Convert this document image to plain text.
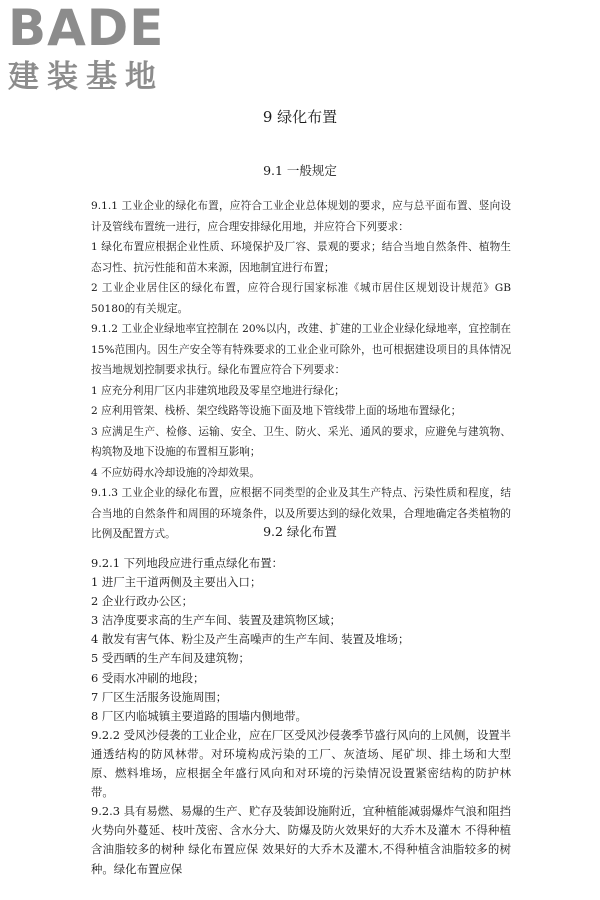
BADE
建装基地
9 绿化布置
9.1 一般规定

9.1.1 工业企业的绿化布置，应符合工业企业总体规划的要求，应与总平面布置、竖向设计及管线布置统一进行，应合理安排绿化用地，并应符合下列要求：

1 绿化布置应根据企业性质、环境保护及厂容、景观的要求；结合当地自然条件、植物生态习性、抗污性能和苗木来源，因地制宜进行布置；

2 工业企业居住区的绿化布置，应符合现行国家标准《城市居住区规划设计规范》GB 50180的有关规定。

9.1.2 工业企业绿地率宜控制在 20%以内，改建、扩建的工业企业绿化绿地率，宜控制在 15%范围内。因生产安全等有特殊要求的工业企业可除外，也可根据建设项目的具体情况按当地规划控制要求执行。绿化布置应符合下列要求：

1 应充分利用厂区内非建筑地段及零星空地进行绿化；

2 应利用管架、栈桥、架空线路等设施下面及地下管线带上面的场地布置绿化；

3 应满足生产、检修、运输、安全、卫生、防火、采光、通风的要求，应避免与建筑物、构筑物及地下设施的布置相互影响；

4 不应妨碍水冷却设施的冷却效果。

9.1.3 工业企业的绿化布置，应根据不同类型的企业及其生产特点、污染性质和程度，结合当地的自然条件和周围的环境条件，以及所要达到的绿化效果，合理地确定各类植物的比例及配置方式。	9.2 绿化布置

9.2.1 下列地段应进行重点绿化布置：

1 进厂主干道两侧及主要出入口；

2 企业行政办公区；

3 洁净度要求高的生产车间、装置及建筑物区域；

4 散发有害气体、粉尘及产生高噪声的生产车间、装置及堆场；

5 受西晒的生产车间及建筑物；

6 受雨水冲刷的地段；

7 厂区生活服务设施周围；

8 厂区内临城镇主要道路的围墙内侧地带。

9.2.2 受风沙侵袭的工业企业，应在厂区受风沙侵袭季节盛行风向的上风侧，设置半通透结构的防风林带。对环境构成污染的工厂、灰渣场、尾矿坝、排土场和大型原、燃料堆场，应根据全年盛行风向和对环境的污染情况设置紧密结构的防护林带。

9.2.3 具有易燃、易爆的生产、贮存及装卸设施附近，宜种植能减弱爆炸气浪和阻挡火势向外蔓延、枝叶茂密、含水分大、防爆及防火效果好的大乔木及灌木 不得种植含油脂较多的树种 绿化布置应保 效果好的大乔木及灌木,不得种植含油脂较多的树种。绿化布置应保
